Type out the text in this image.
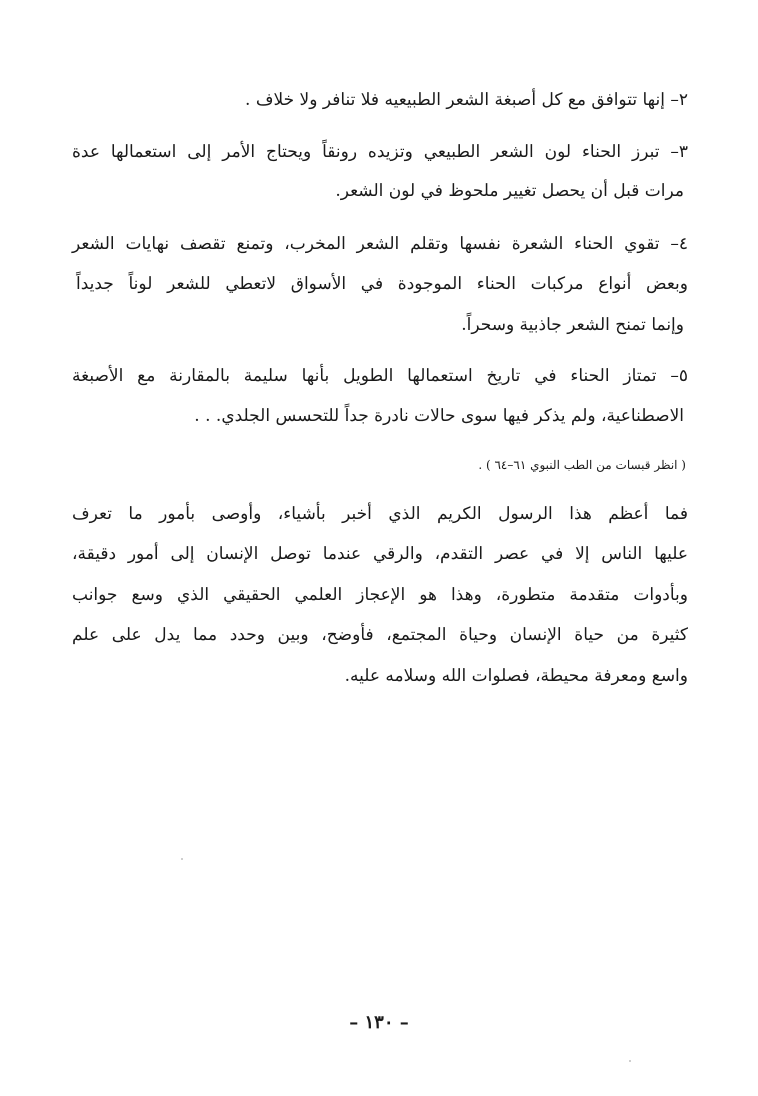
٢– إنها تتوافق مع كل أصبغة الشعر الطبيعيه فلا تنافر ولا خلاف .
٣– تبرز الحناء لون الشعر الطبيعي وتزيده رونقاً ويحتاج الأمر إلى استعمالها عدة
مرات قبل أن يحصل تغيير ملحوظ في لون الشعر.
٤– تقوي الحناء الشعرة نفسها وتقلم الشعر المخرب، وتمنع تقصف نهايات الشعر
وبعض أنواع مركبات الحناء الموجودة في الأسواق لاتعطي للشعر لوناً جديداً
وإنما تمنح الشعر جاذبية وسحراً.
٥– تمتاز الحناء في تاريخ استعمالها الطويل بأنها سليمة بالمقارنة مع الأصبغة
الاصطناعية، ولم يذكر فيها سوى حالات نادرة جداً للتحسس الجلدي. . .
( انظر قبسات من الطب النبوي ٦١–٦٤ ) .
فما أعظم هذا الرسول الكريم الذي أخبر بأشياء، وأوصى بأمور ما تعرف
عليها الناس إلا في عصر التقدم، والرقي عندما توصل الإنسان إلى أمور دقيقة،
وبأدوات متقدمة متطورة، وهذا هو الإعجاز العلمي الحقيقي الذي وسع جوانب
كثيرة من حياة الإنسان وحياة المجتمع، فأوضح، وبين وحدد مما يدل على علم
واسع ومعرفة محيطة، فصلوات الله وسلامه عليه.
– ١٣٠ –
